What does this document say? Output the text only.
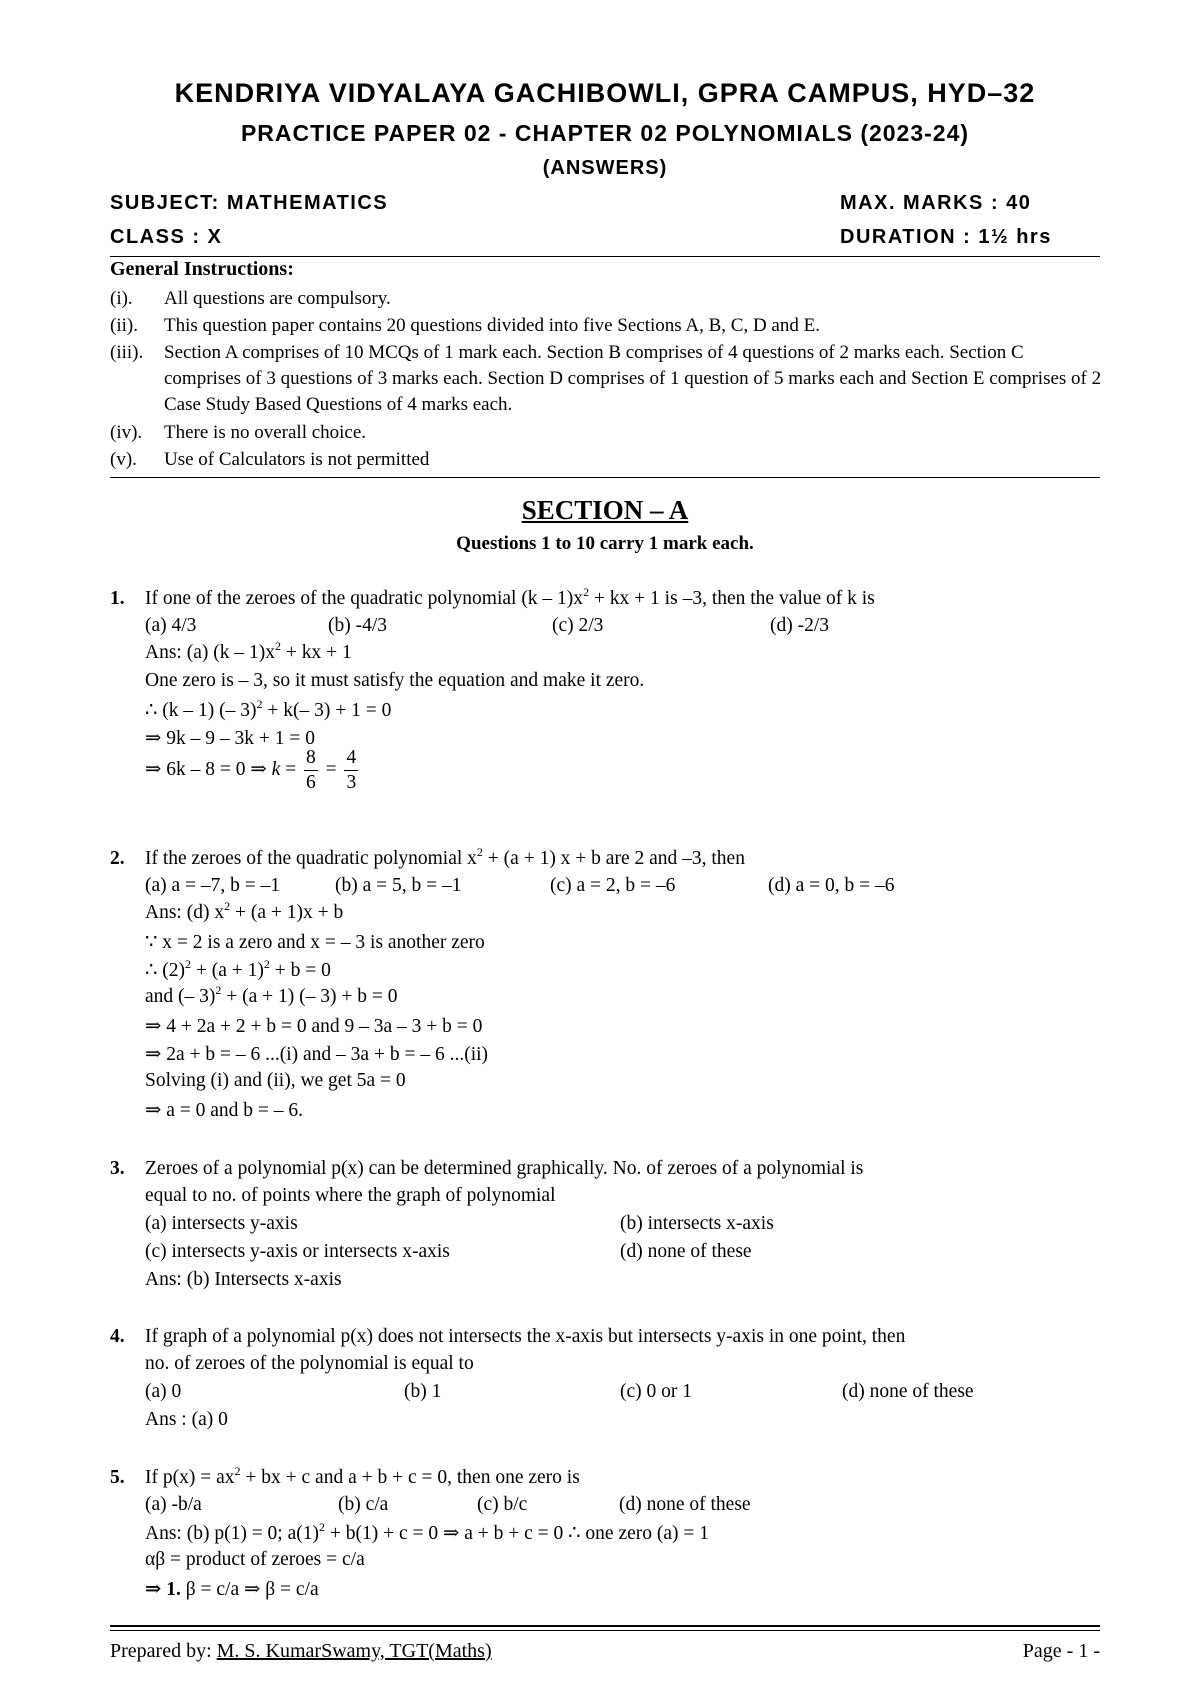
KENDRIYA VIDYALAYA GACHIBOWLI, GPRA CAMPUS, HYD–32
PRACTICE PAPER 02 - CHAPTER 02 POLYNOMIALS (2023-24)
(ANSWERS)
SUBJECT: MATHEMATICS	MAX. MARKS : 40
CLASS : X	DURATION : 1½ hrs
General Instructions:
(i). All questions are compulsory.
(ii). This question paper contains 20 questions divided into five Sections A, B, C, D and E.
(iii). Section A comprises of 10 MCQs of 1 mark each. Section B comprises of 4 questions of 2 marks each. Section C comprises of 3 questions of 3 marks each. Section D comprises of 1 question of 5 marks each and Section E comprises of 2 Case Study Based Questions of 4 marks each.
(iv). There is no overall choice.
(v). Use of Calculators is not permitted
SECTION – A
Questions 1 to 10 carry 1 mark each.
1. If one of the zeroes of the quadratic polynomial $(k - 1)x^2$ + kx + 1 is –3, then the value of k is
(a) 4/3	(b) -4/3	(c) 2/3	(d) -2/3
Ans: (a) $(k - 1)x^2$ + kx + 1
One zero is – 3, so it must satisfy the equation and make it zero.
∴ (k – 1) (– 3)$^2$ + k(– 3) + 1 = 0
⇒ 9k – 9 – 3k + 1 = 0
⇒ 6k – 8 = 0 ⇒ $k = \frac{8}{6} = \frac{4}{3}$
2. If the zeroes of the quadratic polynomial $x^2 + (a + 1) x + b$ are 2 and –3, then
(a) a = –7, b = –1	(b) a = 5, b = –1	(c) a = 2, b = –6	(d) a = 0, b = –6
Ans: (d) $x^2 + (a + 1)x + b$
∵ x = 2 is a zero and x = – 3 is another zero
∴ $(2)^2 + (a + 1)^2 + b = 0$
and (– 3)$^2$ + (a + 1) (– 3) + b = 0
⇒ 4 + 2a + 2 + b = 0 and 9 – 3a – 3 + b = 0
⇒ 2a + b = – 6 ...(i) and – 3a + b = – 6 ...(ii)
Solving (i) and (ii), we get 5a = 0
⇒ a = 0 and b = – 6.
3. Zeroes of a polynomial p(x) can be determined graphically. No. of zeroes of a polynomial is
equal to no. of points where the graph of polynomial
(a) intersects y-axis	(b) intersects x-axis
(c) intersects y-axis or intersects x-axis	(d) none of these
Ans: (b) Intersects x-axis
4. If graph of a polynomial p(x) does not intersects the x-axis but intersects y-axis in one point, then
no. of zeroes of the polynomial is equal to
(a) 0	(b) 1	(c) 0 or 1	(d) none of these
Ans : (a) 0
5. If $p(x) = ax^2$ + bx + c and a + b + c = 0, then one zero is
(a) -b/a	(b) c/a	(c) b/c	(d) none of these
Ans: (b) p(1) = 0; $a(1)^2 + b(1) + c = 0$ ⇒ a + b + c = 0 ∴ one zero (a) = 1
αβ = product of zeroes = c/a
⇒ 1. β = c/a ⇒ β = c/a
Prepared by: M. S. KumarSwamy, TGT(Maths)	Page - 1 -
